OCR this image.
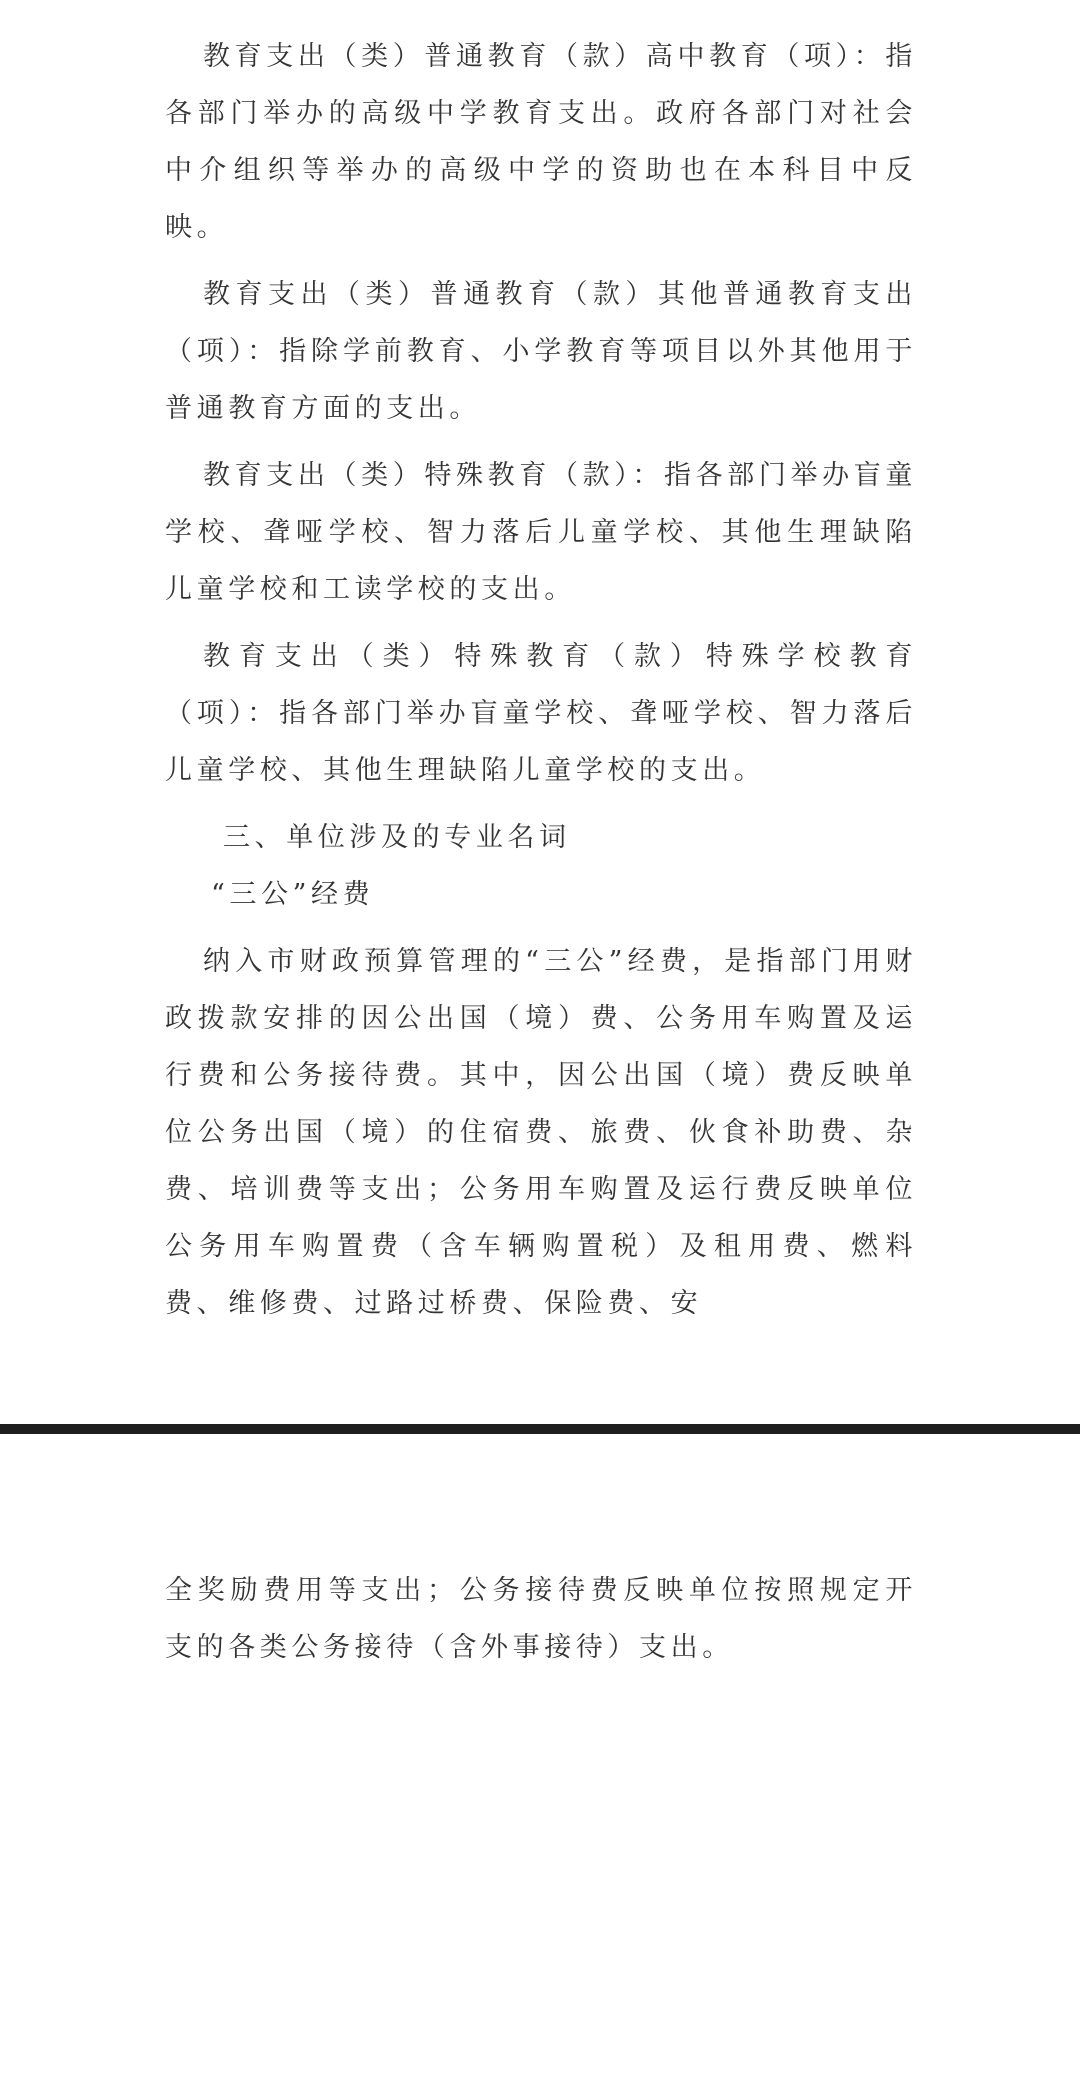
教育支出（类）普通教育（款）高中教育（项）：指各部门举办的高级中学教育支出。政府各部门对社会中介组织等举办的高级中学的资助也在本科目中反映。

教育支出（类）普通教育（款）其他普通教育支出（项）：指除学前教育、小学教育等项目以外其他用于普通教育方面的支出。

教育支出（类）特殊教育（款）：指各部门举办盲童学校、聋哑学校、智力落后儿童学校、其他生理缺陷儿童学校和工读学校的支出。

教育支出（类）特殊教育（款）特殊学校教育（项）：指各部门举办盲童学校、聋哑学校、智力落后儿童学校、其他生理缺陷儿童学校的支出。

三、单位涉及的专业名词

“三公”经费

纳入市财政预算管理的“三公”经费，是指部门用财政拨款安排的因公出国（境）费、公务用车购置及运行费和公务接待费。其中，因公出国（境）费反映单位公务出国（境）的住宿费、旅费、伙食补助费、杂费、培训费等支出；公务用车购置及运行费反映单位公务用车购置费（含车辆购置税）及租用费、燃料费、维修费、过路过桥费、保险费、安

全奖励费用等支出；公务接待费反映单位按照规定开支的各类公务接待（含外事接待）支出。
